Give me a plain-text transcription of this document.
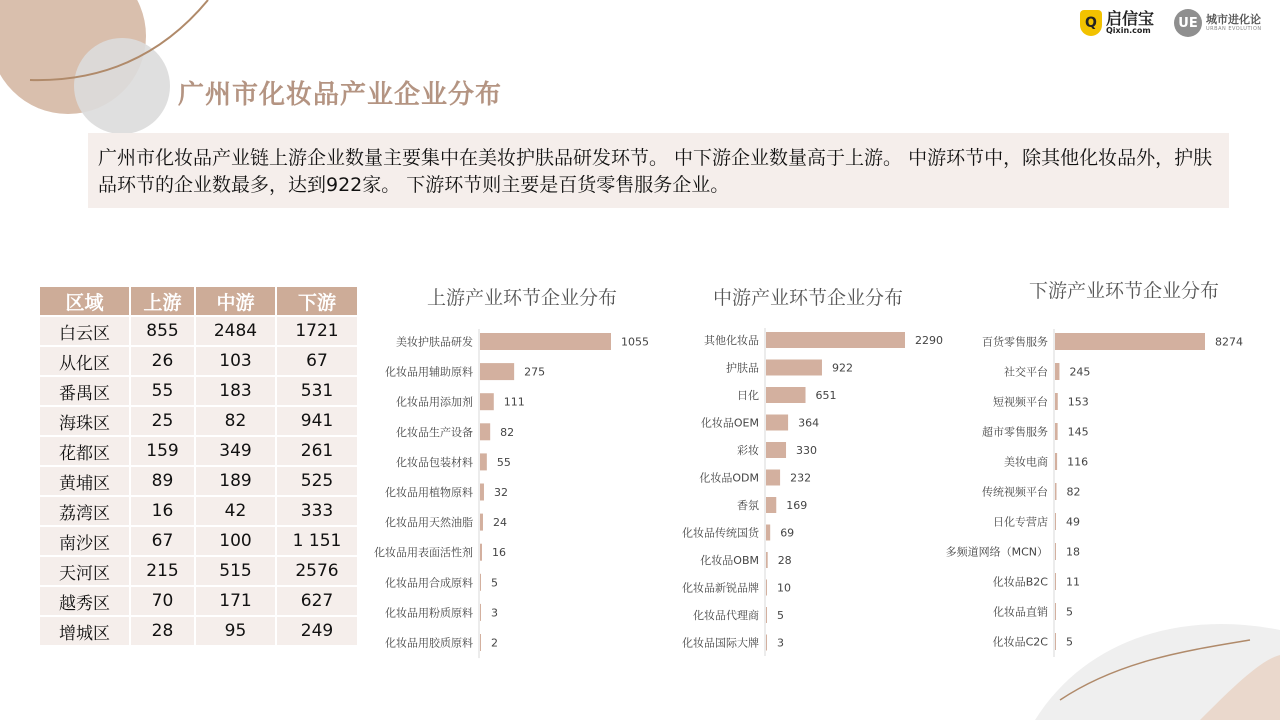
广州市化妆品产业企业分布
Q 启信宝
Qixin.com	UE 城市进化论
URBAN EVOLUTION
广州市化妆品产业链上游企业数量主要集中在美妆护肤品研发环节。 中下游企业数量高于上游。 中游环节中，除其他化妆品外，护肤品环节的企业数最多，达到922家。 下游环节则主要是百货零售服务企业。
区域	上游	中游	下游
白云区	855	2484	1721
从化区	26	103	67
番禺区	55	183	531
海珠区	25	82	941
花都区	159	349	261
黄埔区	89	189	525
荔湾区	16	42	333
南沙区	67	100	1 151
天河区	215	515	2576
越秀区	70	171	627
增城区	28	95	249
上游产业环节企业分布
美妆护肤品研发	1055
化妆品用辅助原料	275
化妆品用添加剂	111
化妆品生产设备 82
化妆品包装材料 55
化妆品用植物原料 32
化妆品用天然油脂 24
化妆品用表面活性剂 16
化妆品用合成原料 5
化妆品用粉质原料 3
化妆品用胶质原料 2
中游产业环节企业分布
其他化妆品	2290
护肤品	922
日化	651
化妆品OEM	364
彩妆	330
化妆品ODM	232
香氛 169
化妆品传统国货 69
化妆品OBM 28
化妆品新锐品牌 10
化妆品代理商 5
化妆品国际大牌 3
下游产业环节企业分布
百货零售服务	8274
社交平台 245
短视频平台 153
超市零售服务 145
美妆电商 116
传统视频平台 82
日化专营店 49
多频道网络（MCN） 18
化妆品B2C 11
化妆品直销 5
化妆品C2C 5
